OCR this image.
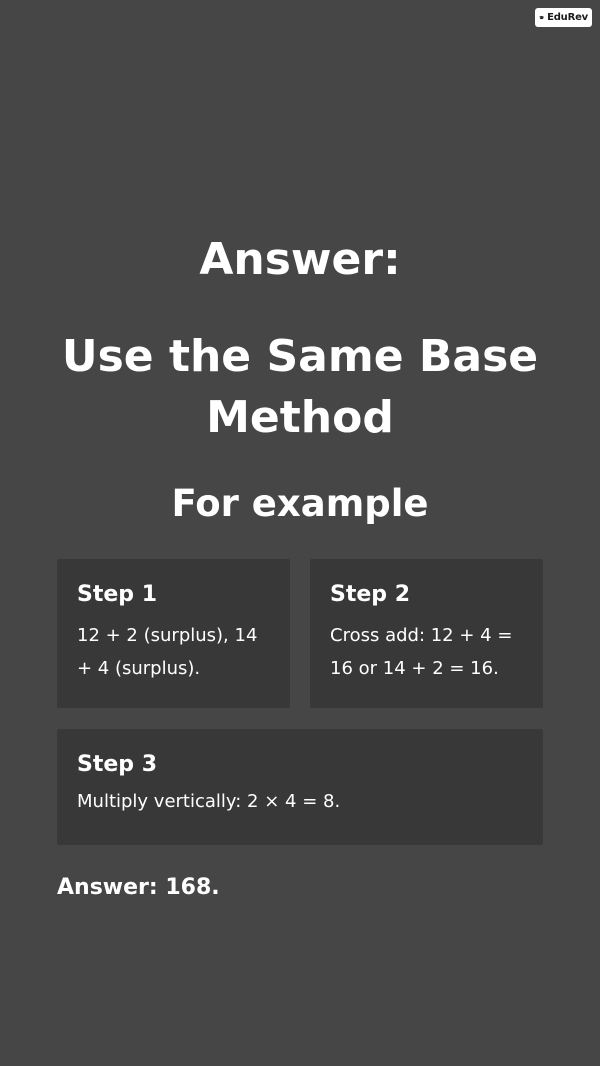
EduRev
Answer:
Use the Same Base Method
For example
Step 1
12 + 2 (surplus), 14 + 4 (surplus).
Step 2
Cross add: 12 + 4 = 16 or 14 + 2 = 16.
Step 3
Multiply vertically: 2 × 4 = 8.
Answer: 168.
